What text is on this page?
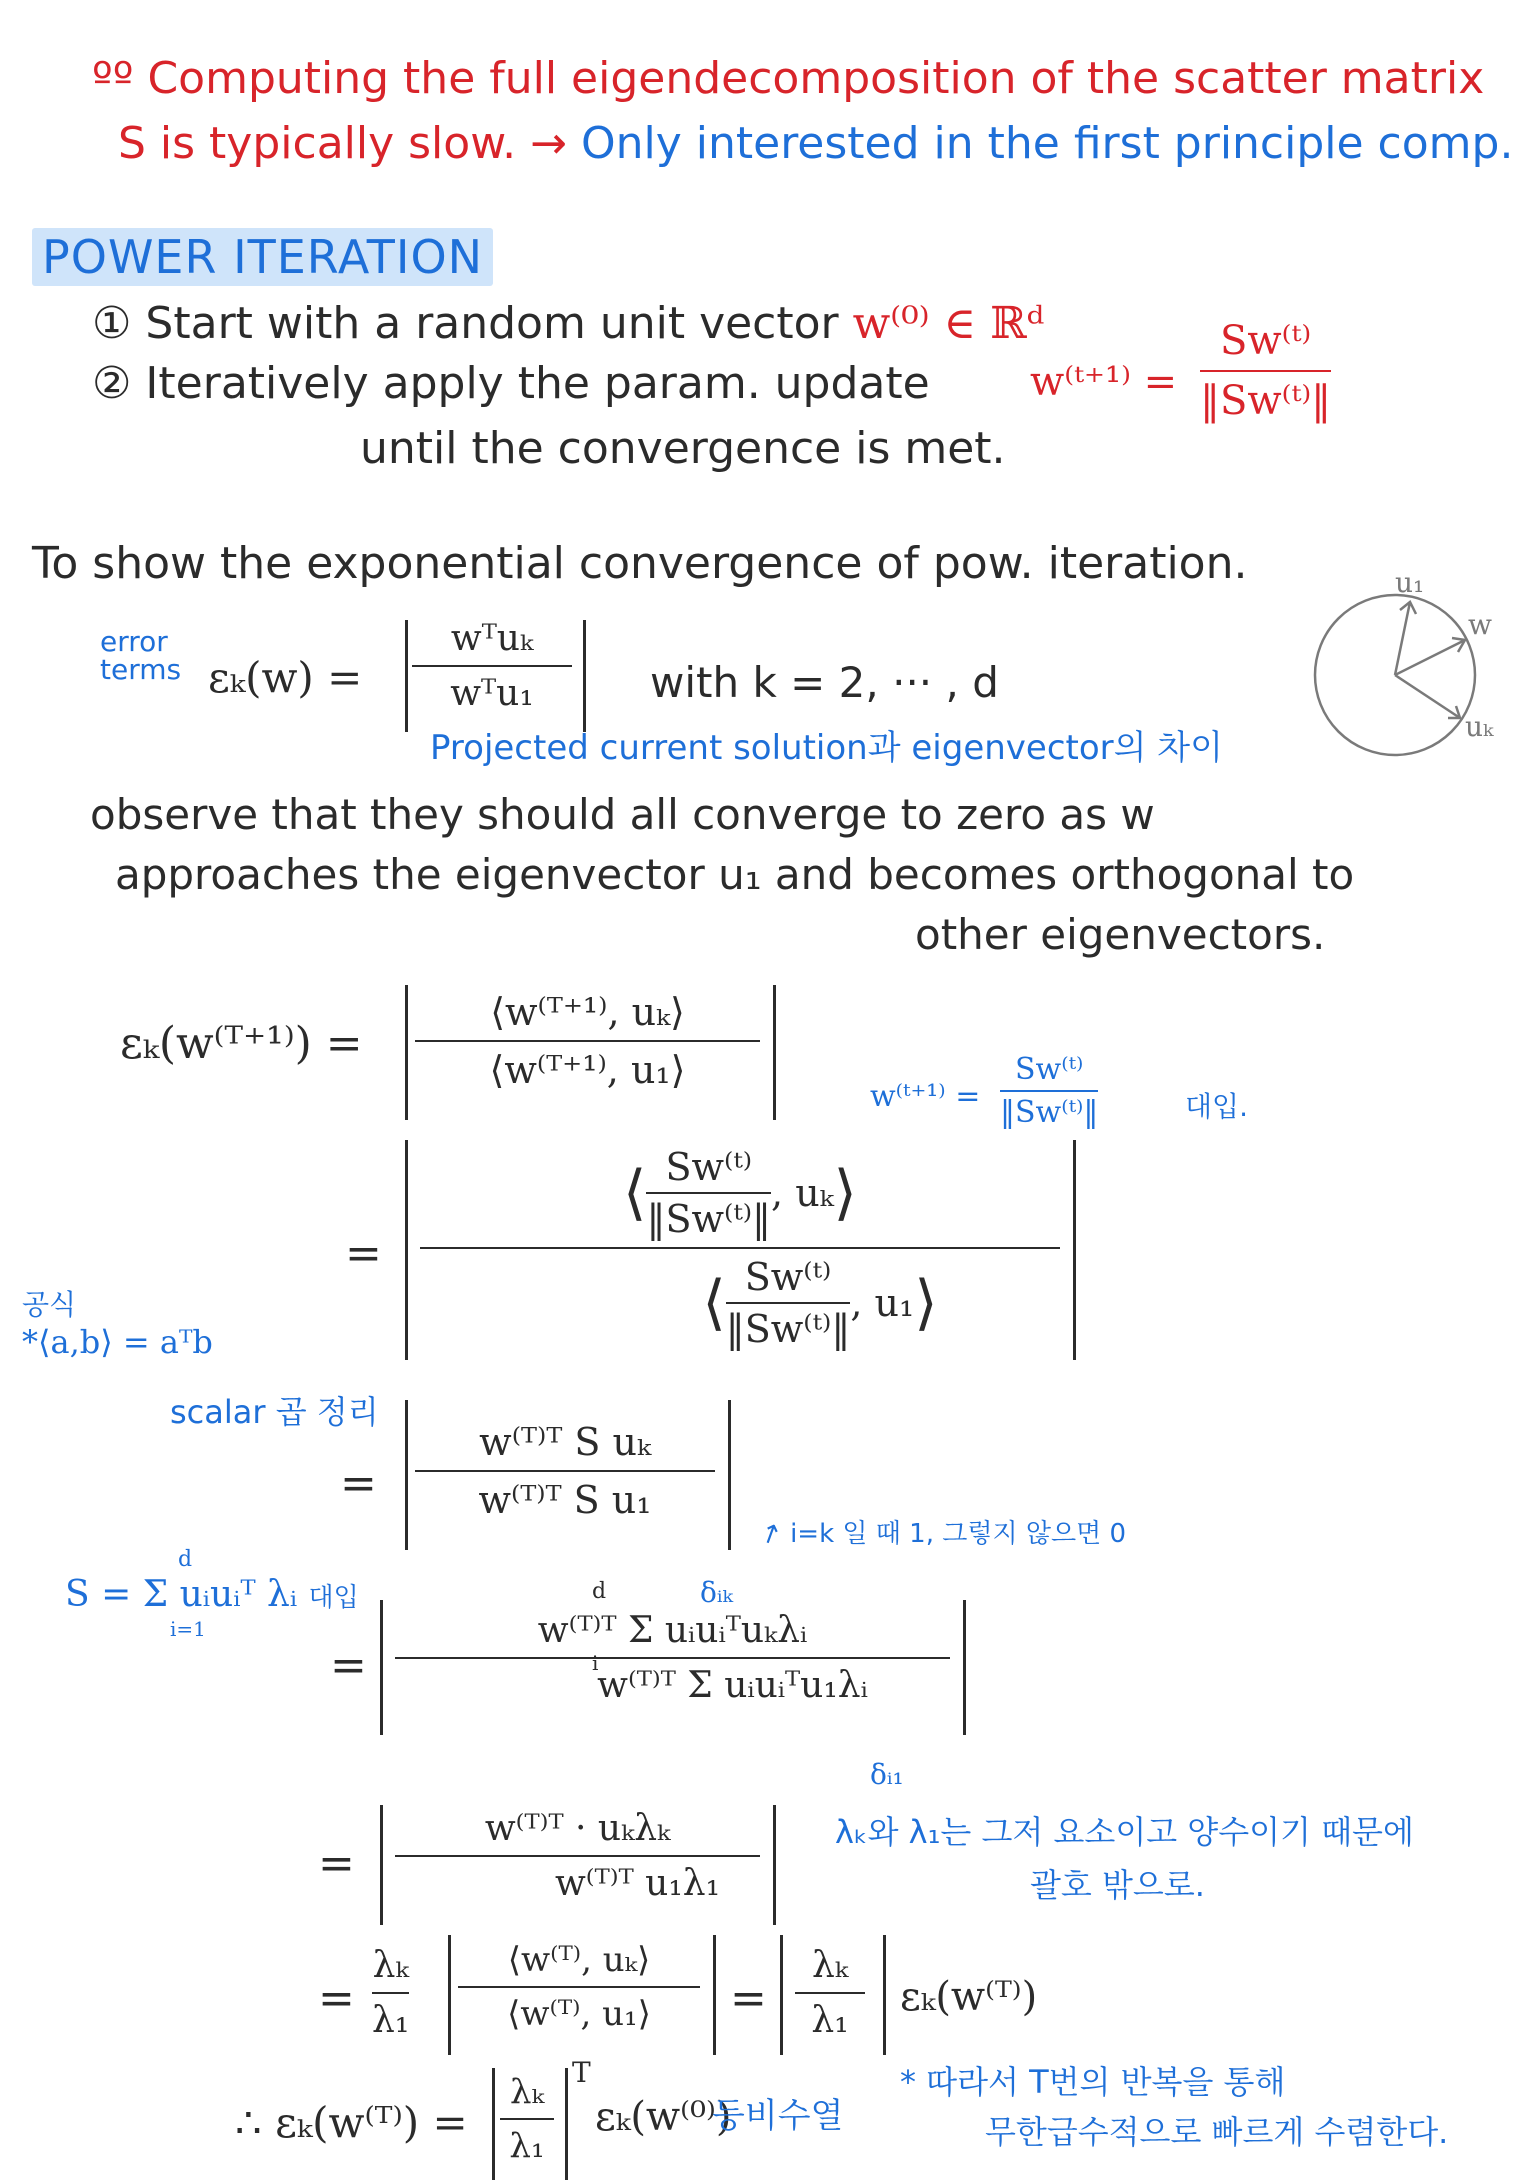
ºº Computing the full eigendecomposition of the scatter matrix
S is typically slow. → Only interested in the first principle comp.
POWER ITERATION
① Start with a random unit vector w⁽⁰⁾ ∈ ℝᵈ
② Iteratively apply the param. update	w⁽ᵗ⁺¹⁾ =
Sw⁽ᵗ⁾
‖Sw⁽ᵗ⁾‖
until the convergence is met.
To show the exponential convergence of pow. iteration.
error terms εₖ(w) =
wᵀuₖ
wᵀu₁	with k = 2, ··· , d
Projected current solution과 eigenvector의 차이
u₁
w
uₖ
observe that they should all converge to zero as w
approaches the eigenvector u₁ and becomes orthogonal to
other eigenvectors.
εₖ(w⁽ᵀ⁺¹⁾) =
⟨w⁽ᵀ⁺¹⁾, uₖ⟩
⟨w⁽ᵀ⁺¹⁾, u₁⟩
w⁽ᵗ⁺¹⁾ =
Sw⁽ᵗ⁾
‖Sw⁽ᵗ⁾‖	대입.
=
⟨ Sw⁽ᵗ⁾
‖Sw⁽ᵗ⁾‖
, uₖ ⟩
⟨ Sw⁽ᵗ⁾
‖Sw⁽ᵗ⁾‖
, u₁ ⟩
공식
*⟨a,b⟩ = aᵀb
scalar 곱 정리
=
w⁽ᵀ⁾ᵀ S uₖ
w⁽ᵀ⁾ᵀ S u₁
↗ i=k 일 때 1, 그렇지 않으면 0
S = Σ uᵢuᵢᵀ λᵢ 대입
d
i=1
δᵢₖ
=
w⁽ᵀ⁾ᵀ Σ uᵢuᵢᵀuₖλᵢ
w⁽ᵀ⁾ᵀ Σ uᵢuᵢᵀu₁λᵢ
d
i
δᵢ₁
=
w⁽ᵀ⁾ᵀ · uₖλₖ
w⁽ᵀ⁾ᵀ u₁λ₁
λₖ와 λ₁는 그저 요소이고 양수이기 때문에
괄호 밖으로.
=
λₖ
λ₁
⟨w⁽ᵀ⁾, uₖ⟩
⟨w⁽ᵀ⁾, u₁⟩ =
λₖ
λ₁
εₖ(w⁽ᵀ⁾)
∴ εₖ(w⁽ᵀ⁾) =
λₖ
λ₁
T
εₖ(w⁽⁰⁾)
등비수열
* 따라서 T번의 반복을 통해
무한급수적으로 빠르게 수렴한다.
